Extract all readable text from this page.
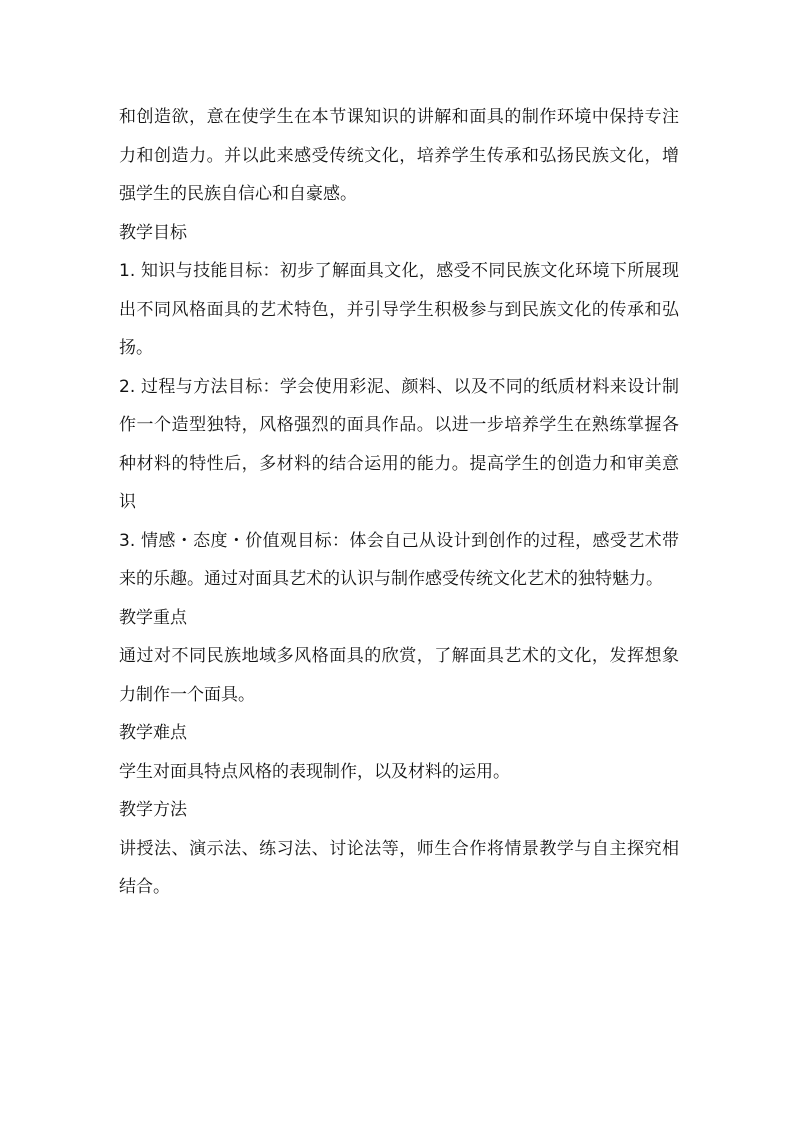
和创造欲，意在使学生在本节课知识的讲解和面具的制作环境中保持专注力和创造力。并以此来感受传统文化，培养学生传承和弘扬民族文化，增强学生的民族自信心和自豪感。

教学目标

1. 知识与技能目标：初步了解面具文化，感受不同民族文化环境下所展现出不同风格面具的艺术特色，并引导学生积极参与到民族文化的传承和弘扬。

2. 过程与方法目标：学会使用彩泥、颜料、以及不同的纸质材料来设计制作一个造型独特，风格强烈的面具作品。以进一步培养学生在熟练掌握各种材料的特性后，多材料的结合运用的能力。提高学生的创造力和审美意识

3. 情感・态度・价值观目标：体会自己从设计到创作的过程，感受艺术带来的乐趣。通过对面具艺术的认识与制作感受传统文化艺术的独特魅力。

教学重点

通过对不同民族地域多风格面具的欣赏，了解面具艺术的文化，发挥想象力制作一个面具。

教学难点

学生对面具特点风格的表现制作，以及材料的运用。

教学方法

讲授法、演示法、练习法、讨论法等，师生合作将情景教学与自主探究相结合。
